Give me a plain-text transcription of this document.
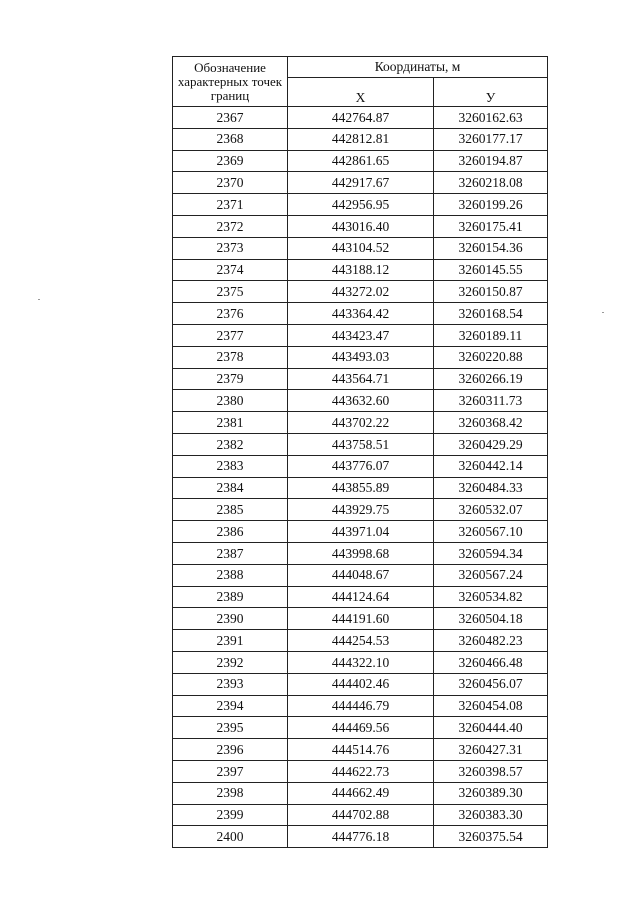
Обозначение характерных точек границ	Координаты, м	
	X	У
2367	442764.87	3260162.63
2368	442812.81	3260177.17
2369	442861.65	3260194.87
2370	442917.67	3260218.08
2371	442956.95	3260199.26
2372	443016.40	3260175.41
2373	443104.52	3260154.36
2374	443188.12	3260145.55
2375	443272.02	3260150.87
2376	443364.42	3260168.54
2377	443423.47	3260189.11
2378	443493.03	3260220.88
2379	443564.71	3260266.19
2380	443632.60	3260311.73
2381	443702.22	3260368.42
2382	443758.51	3260429.29
2383	443776.07	3260442.14
2384	443855.89	3260484.33
2385	443929.75	3260532.07
2386	443971.04	3260567.10
2387	443998.68	3260594.34
2388	444048.67	3260567.24
2389	444124.64	3260534.82
2390	444191.60	3260504.18
2391	444254.53	3260482.23
2392	444322.10	3260466.48
2393	444402.46	3260456.07
2394	444446.79	3260454.08
2395	444469.56	3260444.40
2396	444514.76	3260427.31
2397	444622.73	3260398.57
2398	444662.49	3260389.30
2399	444702.88	3260383.30
2400	444776.18	3260375.54
